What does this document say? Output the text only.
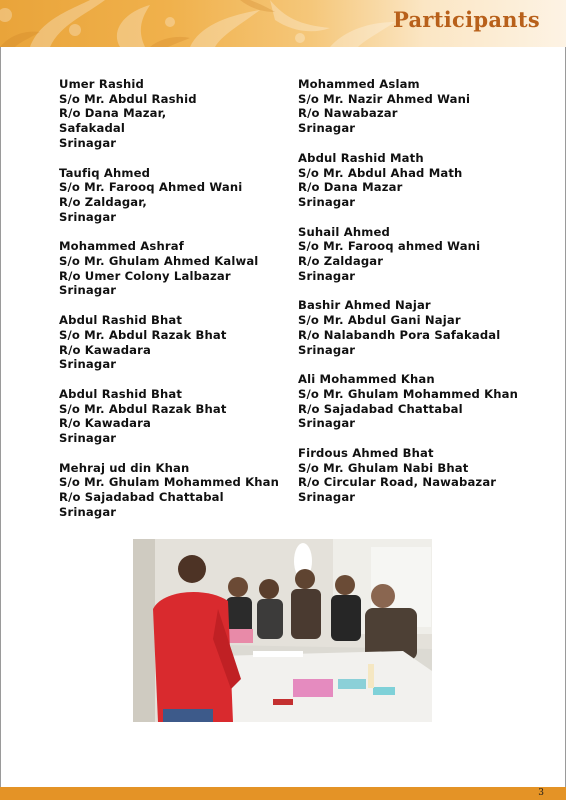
Participants
Umer Rashid
S/o Mr. Abdul Rashid
R/o Dana Mazar,
Safakadal
Srinagar
Taufiq Ahmed
S/o Mr. Farooq Ahmed Wani
R/o Zaldagar,
Srinagar
Mohammed Ashraf
S/o Mr. Ghulam Ahmed Kalwal
R/o Umer Colony Lalbazar
Srinagar
Abdul Rashid Bhat
S/o Mr. Abdul Razak Bhat
R/o Kawadara
Srinagar
Abdul Rashid Bhat
S/o Mr. Abdul Razak Bhat
R/o Kawadara
Srinagar
Mehraj ud din Khan
S/o Mr. Ghulam Mohammed Khan
R/o Sajadabad Chattabal
Srinagar
Mohammed Aslam
S/o Mr. Nazir Ahmed Wani
R/o Nawabazar
Srinagar
Abdul Rashid Math
S/o Mr. Abdul Ahad Math
R/o Dana Mazar
Srinagar
Suhail Ahmed
S/o Mr. Farooq ahmed Wani
R/o Zaldagar
Srinagar
Bashir Ahmed Najar
S/o Mr. Abdul Gani Najar
R/o Nalabandh Pora Safakadal
Srinagar
Ali Mohammed Khan
S/o Mr. Ghulam Mohammed Khan
R/o Sajadabad Chattabal
Srinagar
Firdous Ahmed Bhat
S/o Mr. Ghulam Nabi Bhat
R/o Circular Road, Nawabazar
Srinagar
3
